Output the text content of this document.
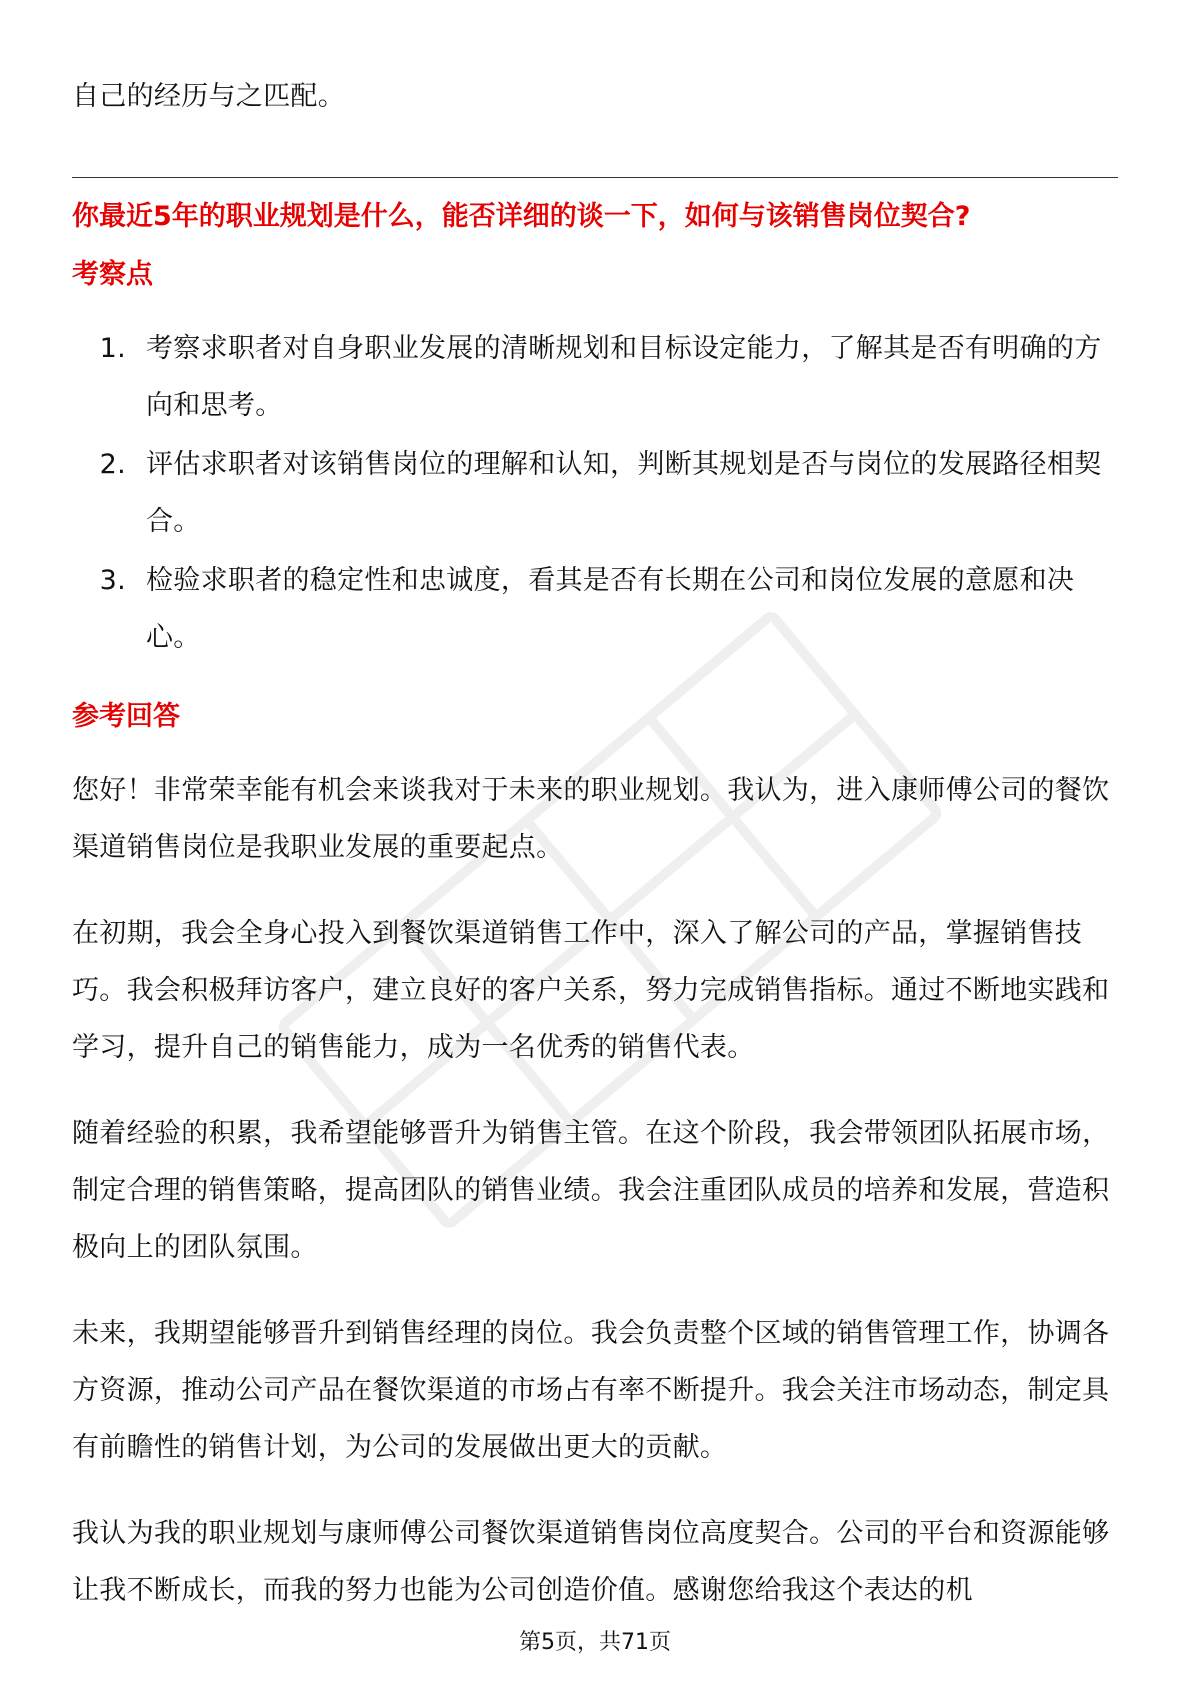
自己的经历与之匹配。

你最近5年的职业规划是什么，能否详细的谈一下，如何与该销售岗位契合?

考察点

1. 考察求职者对自身职业发展的清晰规划和目标设定能力，了解其是否有明确的方向和思考。
2. 评估求职者对该销售岗位的理解和认知，判断其规划是否与岗位的发展路径相契合。
3. 检验求职者的稳定性和忠诚度，看其是否有长期在公司和岗位发展的意愿和决心。

参考回答

您好！非常荣幸能有机会来谈我对于未来的职业规划。我认为，进入康师傅公司的餐饮渠道销售岗位是我职业发展的重要起点。

在初期，我会全身心投入到餐饮渠道销售工作中，深入了解公司的产品，掌握销售技巧。我会积极拜访客户，建立良好的客户关系，努力完成销售指标。通过不断地实践和学习，提升自己的销售能力，成为一名优秀的销售代表。

随着经验的积累，我希望能够晋升为销售主管。在这个阶段，我会带领团队拓展市场，制定合理的销售策略，提高团队的销售业绩。我会注重团队成员的培养和发展，营造积极向上的团队氛围。

未来，我期望能够晋升到销售经理的岗位。我会负责整个区域的销售管理工作，协调各方资源，推动公司产品在餐饮渠道的市场占有率不断提升。我会关注市场动态，制定具有前瞻性的销售计划，为公司的发展做出更大的贡献。

我认为我的职业规划与康师傅公司餐饮渠道销售岗位高度契合。公司的平台和资源能够让我不断成长，而我的努力也能为公司创造价值。感谢您给我这个表达的机

第5页，共71页
